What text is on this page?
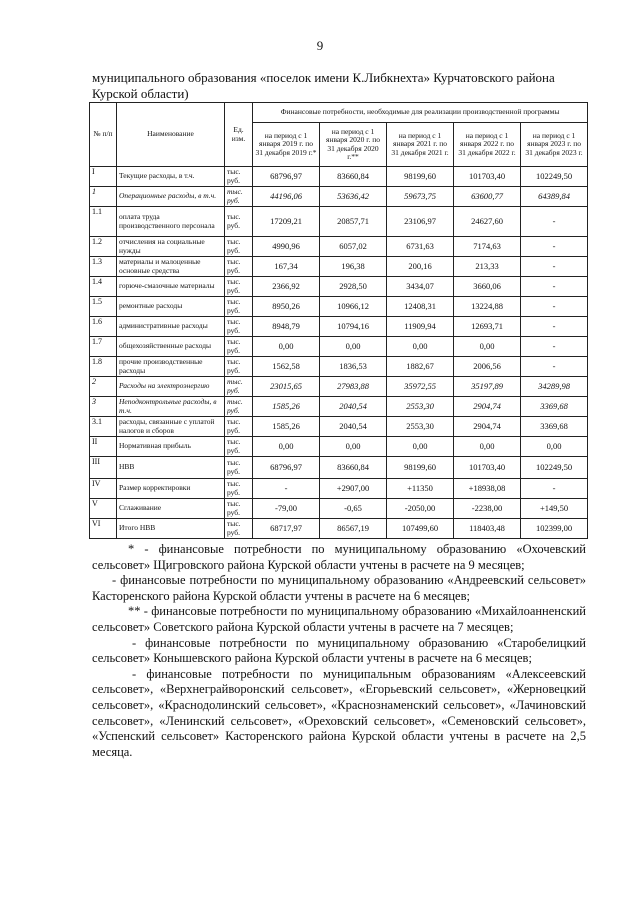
9
муниципального образования «поселок имени К.Либкнехта» Курчатовского района Курской области)
№ п/п	Наименование	Ед. изм.	Финансовые потребности, необходимые для реализации производственной программы				
			на период с 1 января 2019 г. по 31 декабря 2019 г.*	на период с 1 января 2020 г. по 31 декабря 2020 г.**	на период с 1 января 2021 г. по 31 декабря 2021 г.	на период с 1 января 2022 г. по 31 декабря 2022 г.	на период с 1 января 2023 г. по 31 декабря 2023 г.
I	Текущие расходы, в т.ч.	тыс. руб.	68796,97	83660,84	98199,60	101703,40	102249,50
1	Операционные расходы, в т.ч.	тыс. руб.	44196,06	53636,42	59673,75	63600,77	64389,84
1.1	оплата труда производственного персонала	тыс. руб.	17209,21	20857,71	23106,97	24627,60	-
1.2	отчисления на социальные нужды	тыс. руб.	4990,96	6057,02	6731,63	7174,63	-
1.3	материалы и малоценные основные средства	тыс. руб.	167,34	196,38	200,16	213,33	-
1.4	горюче-смазочные материалы	тыс. руб.	2366,92	2928,50	3434,07	3660,06	-
1.5	ремонтные расходы	тыс. руб.	8950,26	10966,12	12408,31	13224,88	-
1.6	административные расходы	тыс. руб.	8948,79	10794,16	11909,94	12693,71	-
1.7	общехозяйственные расходы	тыс. руб.	0,00	0,00	0,00	0,00	-
1.8	прочие производственные расходы	тыс. руб.	1562,58	1836,53	1882,67	2006,56	-
2	Расходы на электроэнергию	тыс. руб.	23015,65	27983,88	35972,55	35197,89	34289,98
3	Неподконтрольные расходы, в т.ч.	тыс. руб.	1585,26	2040,54	2553,30	2904,74	3369,68
3.1	расходы, связанные с уплатой налогов и сборов	тыс. руб.	1585,26	2040,54	2553,30	2904,74	3369,68
II	Нормативная прибыль	тыс. руб.	0,00	0,00	0,00	0,00	0,00
III	НВВ	тыс. руб.	68796,97	83660,84	98199,60	101703,40	102249,50
IV	Размер корректировки	тыс. руб.	-	+2907,00	+11350	+18938,08	-
V	Сглаживание	тыс. руб.	-79,00	-0,65	-2050,00	-2238,00	+149,50
VI	Итого НВВ	тыс. руб.	68717,97	86567,19	107499,60	118403,48	102399,00

* - финансовые потребности по муниципальному образованию «Охочевский сельсовет» Щигровского района Курской области учтены в расчете на 9 месяцев;

- финансовые потребности по муниципальному образованию «Андреевский сельсовет» Касторенского района Курской области учтены в расчете на 6 месяцев;

** - финансовые потребности по муниципальному образованию «Михайлоанненский сельсовет» Советского района Курской области учтены в расчете на 7 месяцев;

- финансовые потребности по муниципальному образованию «Старобелицкий сельсовет» Конышевского района Курской области учтены в расчете на 6 месяцев;

- финансовые потребности по муниципальным образованиям «Алексеевский сельсовет», «Верхнеграйворонский сельсовет», «Егорьевский сельсовет», «Жерновецкий сельсовет», «Краснодолинский сельсовет», «Краснознаменский сельсовет», «Лачиновский сельсовет», «Ленинский сельсовет», «Ореховский сельсовет», «Семеновский сельсовет», «Успенский сельсовет» Касторенского района Курской области учтены в расчете на 2,5 месяца.
